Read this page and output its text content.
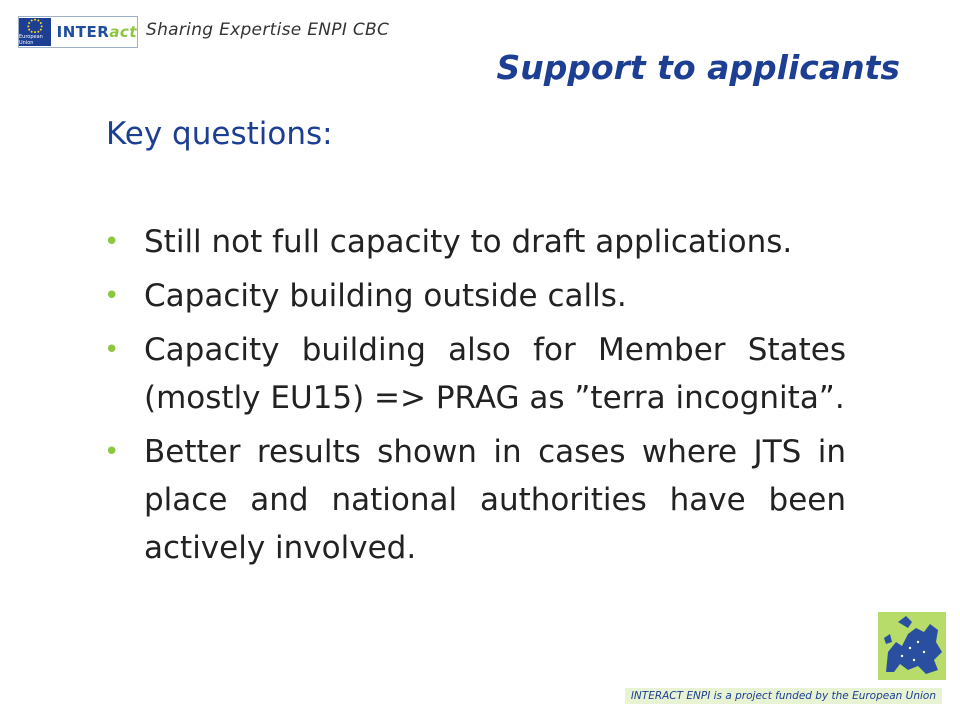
European Union
INTERact Sharing Expertise ENPI CBC
Support to applicants
Key questions:
• Still not full capacity to draft applications.
• Capacity building outside calls.
• Capacity building also for Member States (mostly EU15) => PRAG as ”terra incognita”.
• Better results shown in cases where JTS in place and national authorities have been actively involved.
INTERACT ENPI is a project funded by the European Union
